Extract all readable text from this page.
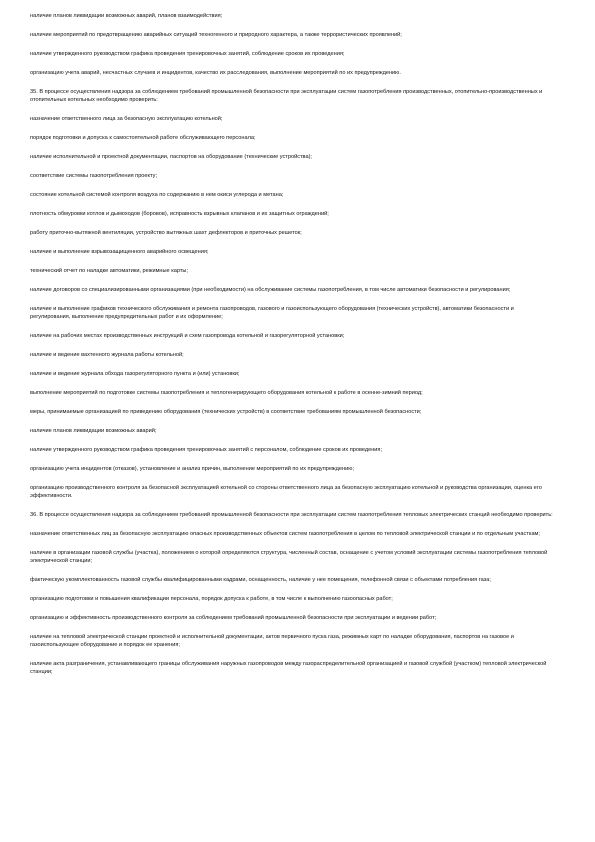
наличие планов ликвидации возможных аварий, планов взаимодействия;

наличие мероприятий по предотвращению аварийных ситуаций техногенного и природного характера, а также террористических проявлений;

наличие утвержденного руководством графика проведения тренировочных занятий, соблюдение сроков их проведения;

организацию учета аварий, несчастных случаев и инцидентов, качество их расследования, выполнение мероприятий по их предупреждению.

35. В процессе осуществления надзора за соблюдением требований промышленной безопасности при эксплуатации систем газопотребления производственных, отопительно-производственных и отопительных котельных необходимо проверить:

назначение ответственного лица за безопасную эксплуатацию котельной;

порядок подготовки и допуска к самостоятельной работе обслуживающего персонала;

наличие исполнительной и проектной документации, паспортов на оборудование (технические устройства);

соответствие системы газопотребления проекту;

состояние котельной системой контроля воздуха по содержанию в нем окиси углерода и метана;

плотность обмуровки котлов и дымоходов (боровов), исправность взрывных клапанов и их защитных ограждений;

работу приточно-вытяжной вентиляции, устройство вытяжных шахт дефлекторов и приточных решеток;

наличие и выполнение взрывозащищенного аварийного освещения;

технический отчет по наладке автоматики, режимные карты;

наличие договоров со специализированными организациями (при необходимости) на обслуживание системы газопотребления, в том числе автоматики безопасности и регулирования;

наличие и выполнение графиков технического обслуживания и ремонта газопроводов, газового и газоиспользующего оборудования (технических устройств), автоматики безопасности и регулирования, выполнение предупредительных работ и их оформление;

наличие на рабочих местах производственных инструкций и схем газопровода котельной и газорегуляторной установки;

наличие и ведение вахтенного журнала работы котельной;

наличие и ведение журнала обхода газорегуляторного пункта и (или) установки;

выполнение мероприятий по подготовке системы газопотребления и теплогенерирующего оборудования котельной к работе в осенне-зимний период;

меры, принимаемые организацией по приведению оборудования (технических устройств) в соответствие требованиям промышленной безопасности;

наличие планов ликвидации возможных аварий;

наличие утвержденного руководством графика проведения тренировочных занятий с персоналом, соблюдение сроков их проведения;

организацию учета инцидентов (отказов), установление и анализ причин, выполнение мероприятий по их предупреждению;

организацию производственного контроля за безопасной эксплуатацией котельной со стороны ответственного лица за безопасную эксплуатацию котельной и руководства организации, оценка его эффективности.

36. В процессе осуществления надзора за соблюдением требований промышленной безопасности при эксплуатации систем газопотребления тепловых электрических станций необходимо проверить:

назначение ответственных лиц за безопасную эксплуатацию опасных производственных объектов систем газопотребления в целом по тепловой электрической станции и по отдельным участкам;

наличие в организации газовой службы (участка), положением о которой определяются структура, численный состав, оснащение с учетом условий эксплуатации системы газопотребления тепловой электрической станции;

фактическую укомплектованность газовой службы квалифицированными кадрами, оснащенность, наличие у нее помещения, телефонной связи с объектами потребления газа;

организацию подготовки и повышения квалификации персонала, порядок допуска к работе, в том числе к выполнению газоопасных работ;

организацию и эффективность производственного контроля за соблюдением требований промышленной безопасности при эксплуатации и ведении работ;

наличие на тепловой электрической станции проектной и исполнительной документации, актов первичного пуска газа, режимных карт по наладке оборудования, паспортов на газовое и газоиспользующее оборудование и порядок ее хранения;

наличие акта разграничения, устанавливающего границы обслуживания наружных газопроводов между газораспределительной организацией и газовой службой (участком) тепловой электрической станции;
